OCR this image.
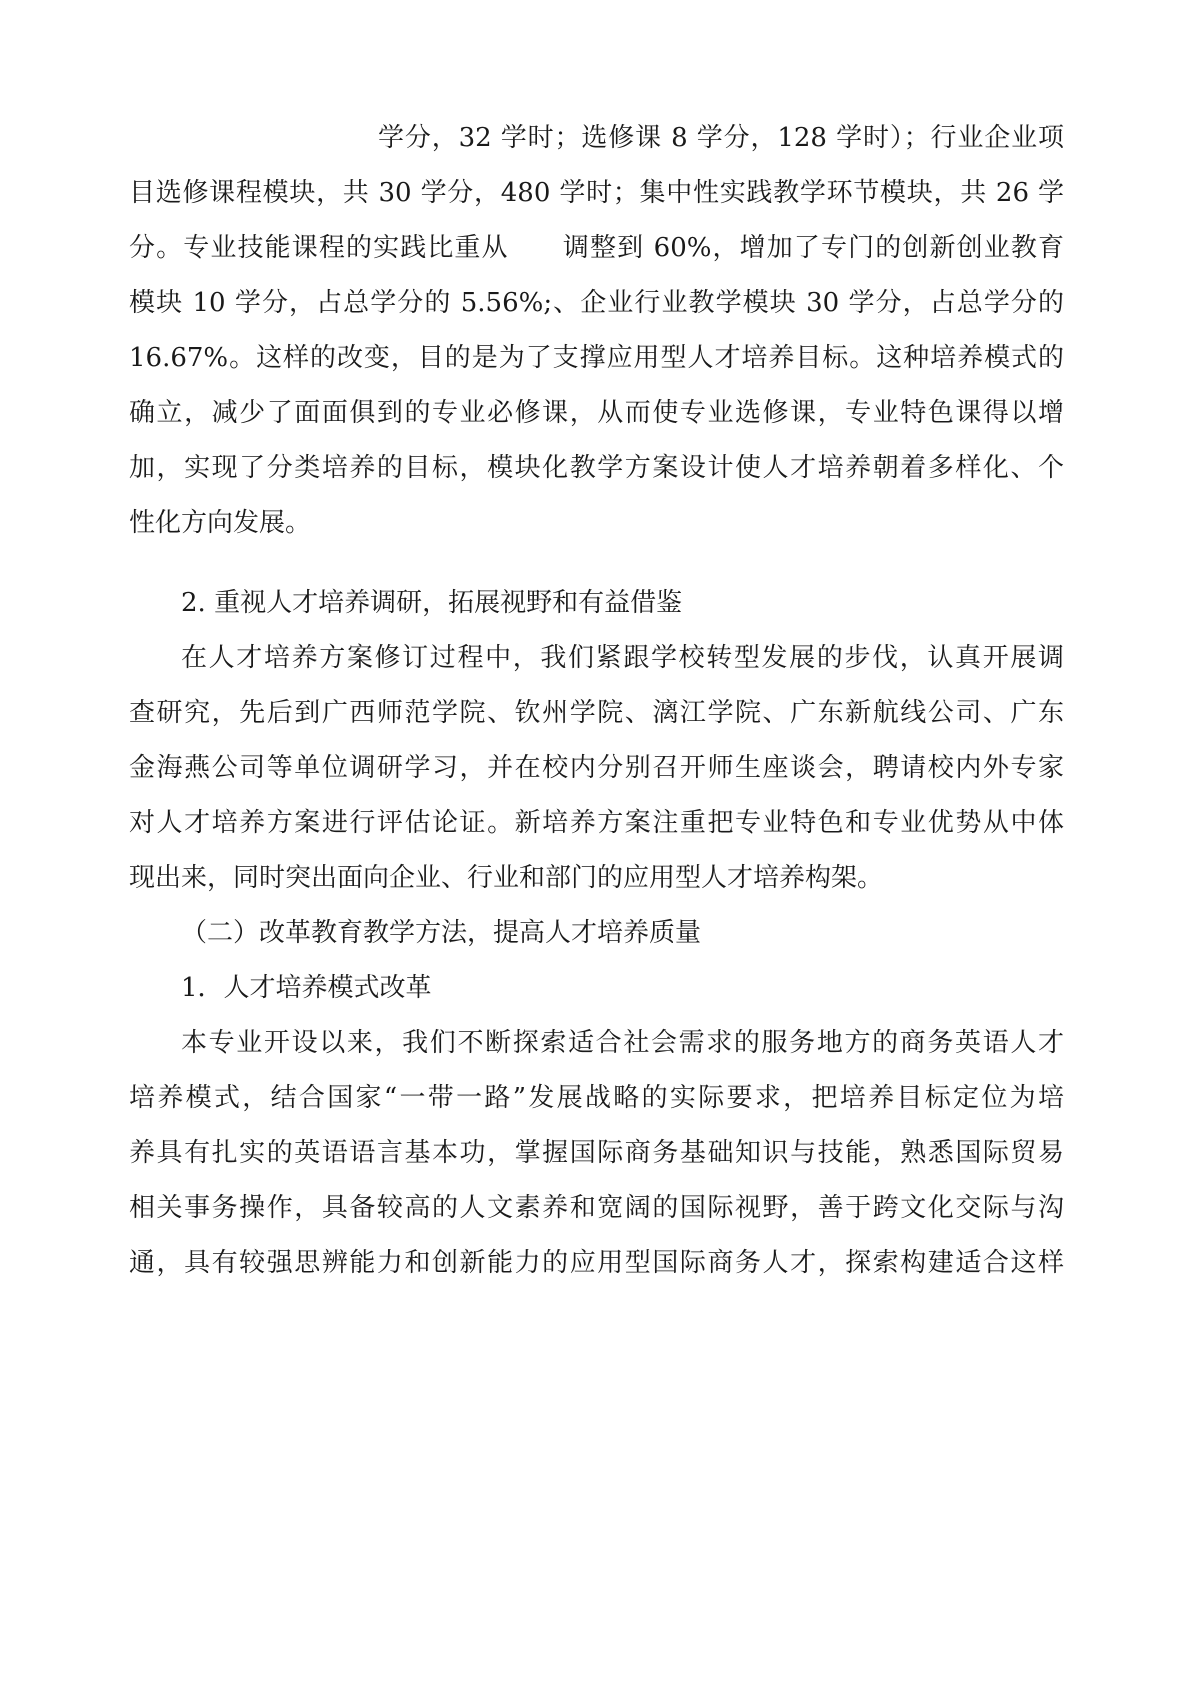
学分，32 学时；选修课 8 学分，128 学时）；行业企业项
目选修课程模块，共 30 学分，480 学时；集中性实践教学环节模块，共 26 学
分。专业技能课程的实践比重从　　调整到 60%，增加了专门的创新创业教育
模块 10 学分，占总学分的 5.56%;、企业行业教学模块 30 学分，占总学分的
16.67%。这样的改变，目的是为了支撑应用型人才培养目标。这种培养模式的
确立，减少了面面俱到的专业必修课，从而使专业选修课，专业特色课得以增
加，实现了分类培养的目标，模块化教学方案设计使人才培养朝着多样化、个
性化方向发展。
2. 重视人才培养调研，拓展视野和有益借鉴
在人才培养方案修订过程中，我们紧跟学校转型发展的步伐，认真开展调
查研究，先后到广西师范学院、钦州学院、漓江学院、广东新航线公司、广东
金海燕公司等单位调研学习，并在校内分别召开师生座谈会，聘请校内外专家
对人才培养方案进行评估论证。新培养方案注重把专业特色和专业优势从中体
现出来，同时突出面向企业、行业和部门的应用型人才培养构架。
（二）改革教育教学方法，提高人才培养质量
1．人才培养模式改革
本专业开设以来，我们不断探索适合社会需求的服务地方的商务英语人才
培养模式，结合国家“一带一路”发展战略的实际要求，把培养目标定位为培
养具有扎实的英语语言基本功，掌握国际商务基础知识与技能，熟悉国际贸易
相关事务操作，具备较高的人文素养和宽阔的国际视野，善于跨文化交际与沟
通，具有较强思辨能力和创新能力的应用型国际商务人才，探索构建适合这样
